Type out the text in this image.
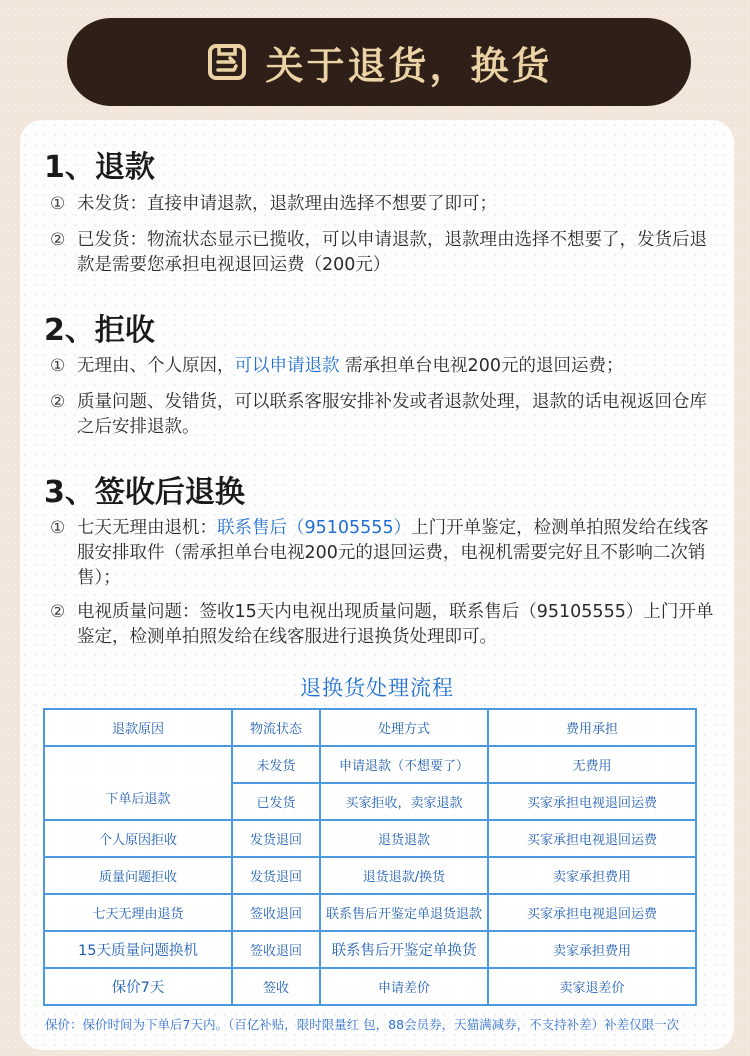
关于退货，换货
1、退款
① 未发货：直接申请退款，退款理由选择不想要了即可；
② 已发货：物流状态显示已揽收，可以申请退款，退款理由选择不想要了，发货后退款是需要您承担电视退回运费（200元）
2、拒收
① 无理由、个人原因，可以申请退款 需承担单台电视200元的退回运费；
② 质量问题、发错货，可以联系客服安排补发或者退款处理，退款的话电视返回仓库之后安排退款。
3、签收后退换
① 七天无理由退机：联系售后（95105555）上门开单鉴定，检测单拍照发给在线客服安排取件（需承担单台电视200元的退回运费，电视机需要完好且不影响二次销售）；
② 电视质量问题：签收15天内电视出现质量问题，联系售后（95105555）上门开单鉴定，检测单拍照发给在线客服进行退换货处理即可。
退换货处理流程
退款原因	物流状态	处理方式	费用承担
下单后退款	未发货	申请退款（不想要了）	无费用
	已发货	买家拒收，卖家退款	买家承担电视退回运费
个人原因拒收	发货退回	退货退款	买家承担电视退回运费
质量问题拒收	发货退回	退货退款/换货	卖家承担费用
七天无理由退货	签收退回	联系售后开鉴定单退货退款	买家承担电视退回运费
15天质量问题换机	签收退回	联系售后开鉴定单换货	卖家承担费用
保价7天	签收	申请差价	卖家退差价
保价：保价时间为下单后7天内。（百亿补贴，限时限量红 包，88会员券，天猫满减券，不支持补差）补差仅限一次
